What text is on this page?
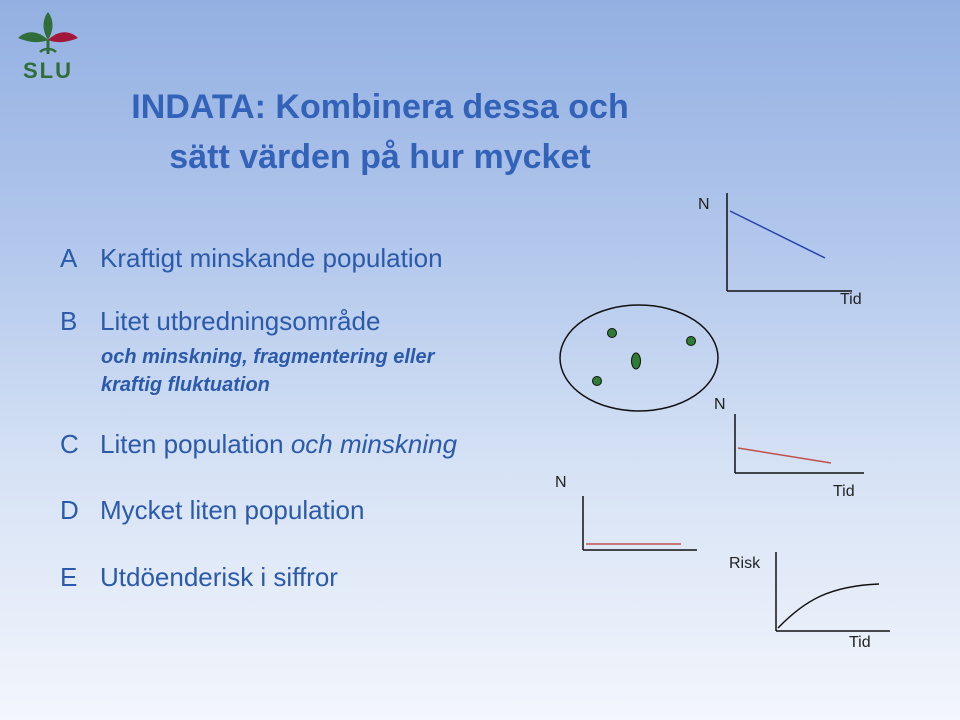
SLU
INDATA: Kombinera dessa och
sätt värden på hur mycket
A Kraftigt minskande population
B Litet utbredningsområde
och minskning, fragmentering eller
kraftig fluktuation
C Liten population och minskning
D Mycket liten population
E Utdöenderisk i siffror
N
Tid
N
Tid
N
Risk
Tid
